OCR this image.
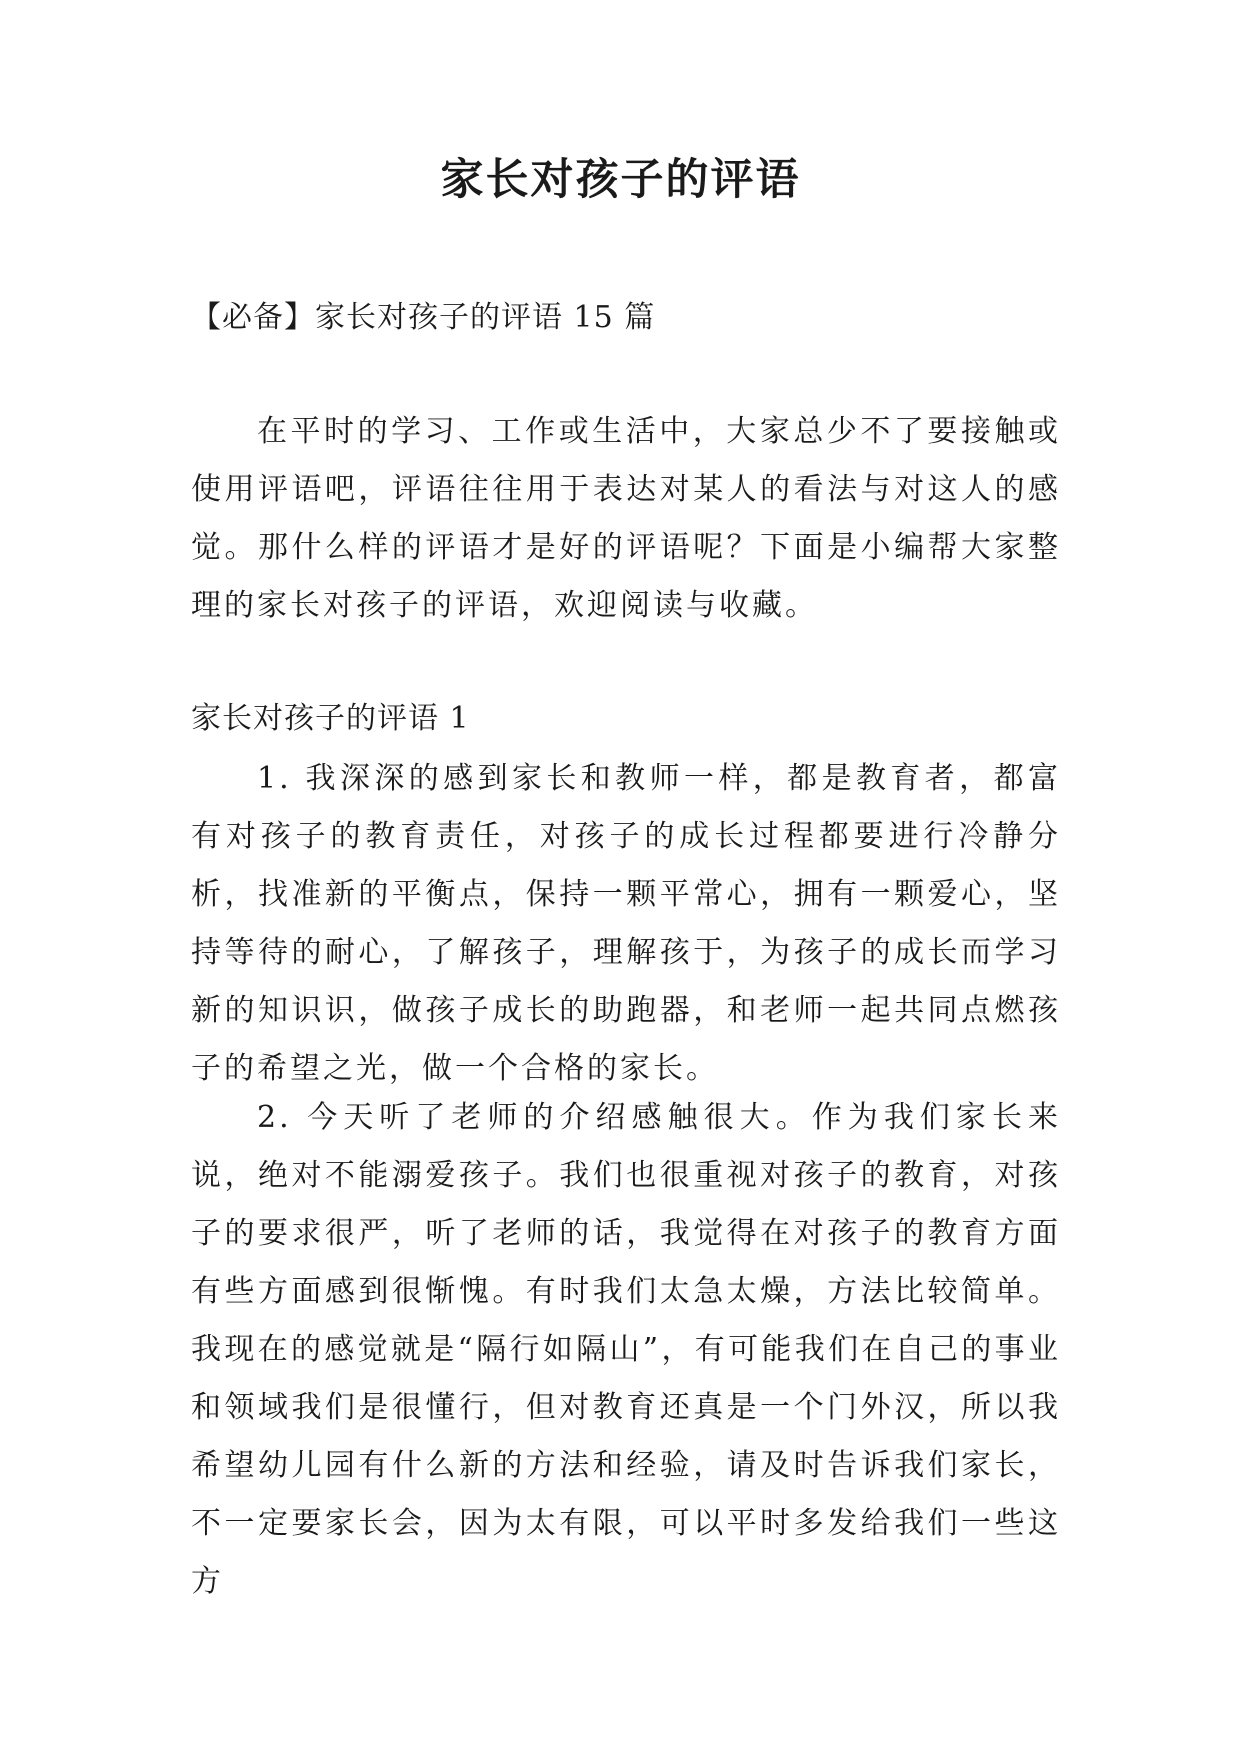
家长对孩子的评语

【必备】家长对孩子的评语 15 篇

在平时的学习、工作或生活中，大家总少不了要接触或使用评语吧，评语往往用于表达对某人的看法与对这人的感觉。那什么样的评语才是好的评语呢？下面是小编帮大家整理的家长对孩子的评语，欢迎阅读与收藏。

家长对孩子的评语 1

1. 我深深的感到家长和教师一样，都是教育者，都富有对孩子的教育责任，对孩子的成长过程都要进行冷静分析，找准新的平衡点，保持一颗平常心，拥有一颗爱心，坚持等待的耐心，了解孩子，理解孩于，为孩子的成长而学习新的知识识，做孩子成长的助跑器，和老师一起共同点燃孩子的希望之光，做一个合格的家长。

2. 今天听了老师的介绍感触很大。作为我们家长来说，绝对不能溺爱孩子。我们也很重视对孩子的教育，对孩子的要求很严，听了老师的话，我觉得在对孩子的教育方面有些方面感到很惭愧。有时我们太急太燥，方法比较简单。我现在的感觉就是“隔行如隔山”，有可能我们在自己的事业和领域我们是很懂行，但对教育还真是一个门外汉，所以我希望幼儿园有什么新的方法和经验，请及时告诉我们家长，不一定要家长会，因为太有限，可以平时多发给我们一些这方
